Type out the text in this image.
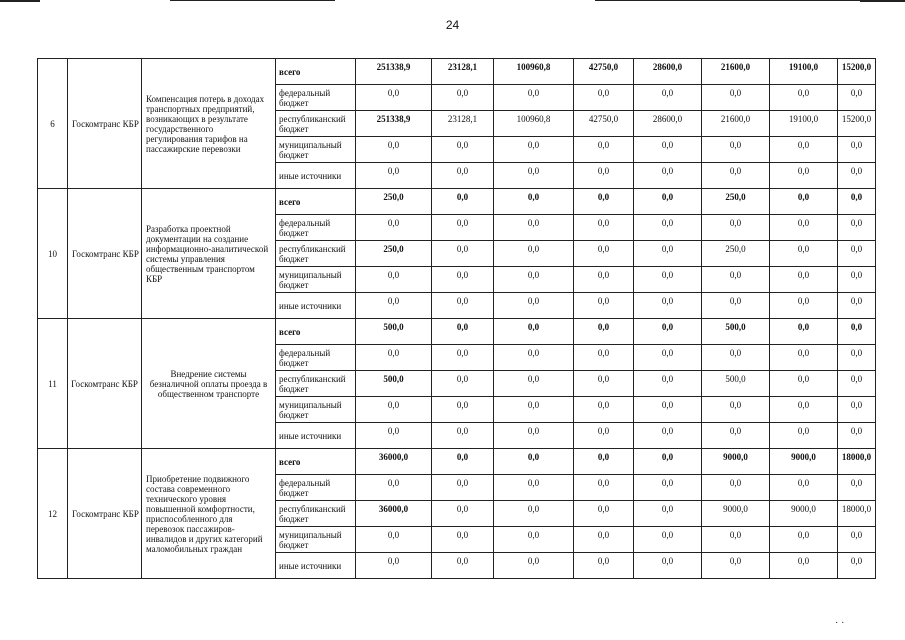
24
6	Госкомтранс КБР	Компенсация потерь в доходах транспортных предприятий, возникающих в результате государственного регулирования тарифов на пассажирские перевозки	всего	251338,9	23128,1	100960,8	42750,0	28600,0	21600,0	19100,0	15200,0
			федеральный бюджет	0,0	0,0	0,0	0,0	0,0	0,0	0,0	0,0
			республиканский бюджет	251338,9	23128,1	100960,8	42750,0	28600,0	21600,0	19100,0	15200,0
			муниципальный бюджет	0,0	0,0	0,0	0,0	0,0	0,0	0,0	0,0
			иные источники	0,0	0,0	0,0	0,0	0,0	0,0	0,0	0,0
10	Госкомтранс КБР	Разработка проектной документации на создание информационно-аналитической системы управления общественным транспортом КБР	всего	250,0	0,0	0,0	0,0	0,0	250,0	0,0	0,0
			федеральный бюджет	0,0	0,0	0,0	0,0	0,0	0,0	0,0	0,0
			республиканский бюджет	250,0	0,0	0,0	0,0	0,0	250,0	0,0	0,0
			муниципальный бюджет	0,0	0,0	0,0	0,0	0,0	0,0	0,0	0,0
			иные источники	0,0	0,0	0,0	0,0	0,0	0,0	0,0	0,0
11	Госкомтранс КБР	Внедрение системы безналичной оплаты проезда в общественном транспорте	всего	500,0	0,0	0,0	0,0	0,0	500,0	0,0	0,0
			федеральный бюджет	0,0	0,0	0,0	0,0	0,0	0,0	0,0	0,0
			республиканский бюджет	500,0	0,0	0,0	0,0	0,0	500,0	0,0	0,0
			муниципальный бюджет	0,0	0,0	0,0	0,0	0,0	0,0	0,0	0,0
			иные источники	0,0	0,0	0,0	0,0	0,0	0,0	0,0	0,0
12	Госкомтранс КБР	Приобретение подвижного состава современного технического уровня повышенной комфортности, приспособленного для перевозок пассажиров-инвалидов и других категорий маломобильных граждан	всего	36000,0	0,0	0,0	0,0	0,0	9000,0	9000,0	18000,0
			федеральный бюджет	0,0	0,0	0,0	0,0	0,0	0,0	0,0	0,0
			республиканский бюджет	36000,0	0,0	0,0	0,0	0,0	9000,0	9000,0	18000,0
			муниципальный бюджет	0,0	0,0	0,0	0,0	0,0	0,0	0,0	0,0
			иные источники	0,0	0,0	0,0	0,0	0,0	0,0	0,0	0,0
· ·
